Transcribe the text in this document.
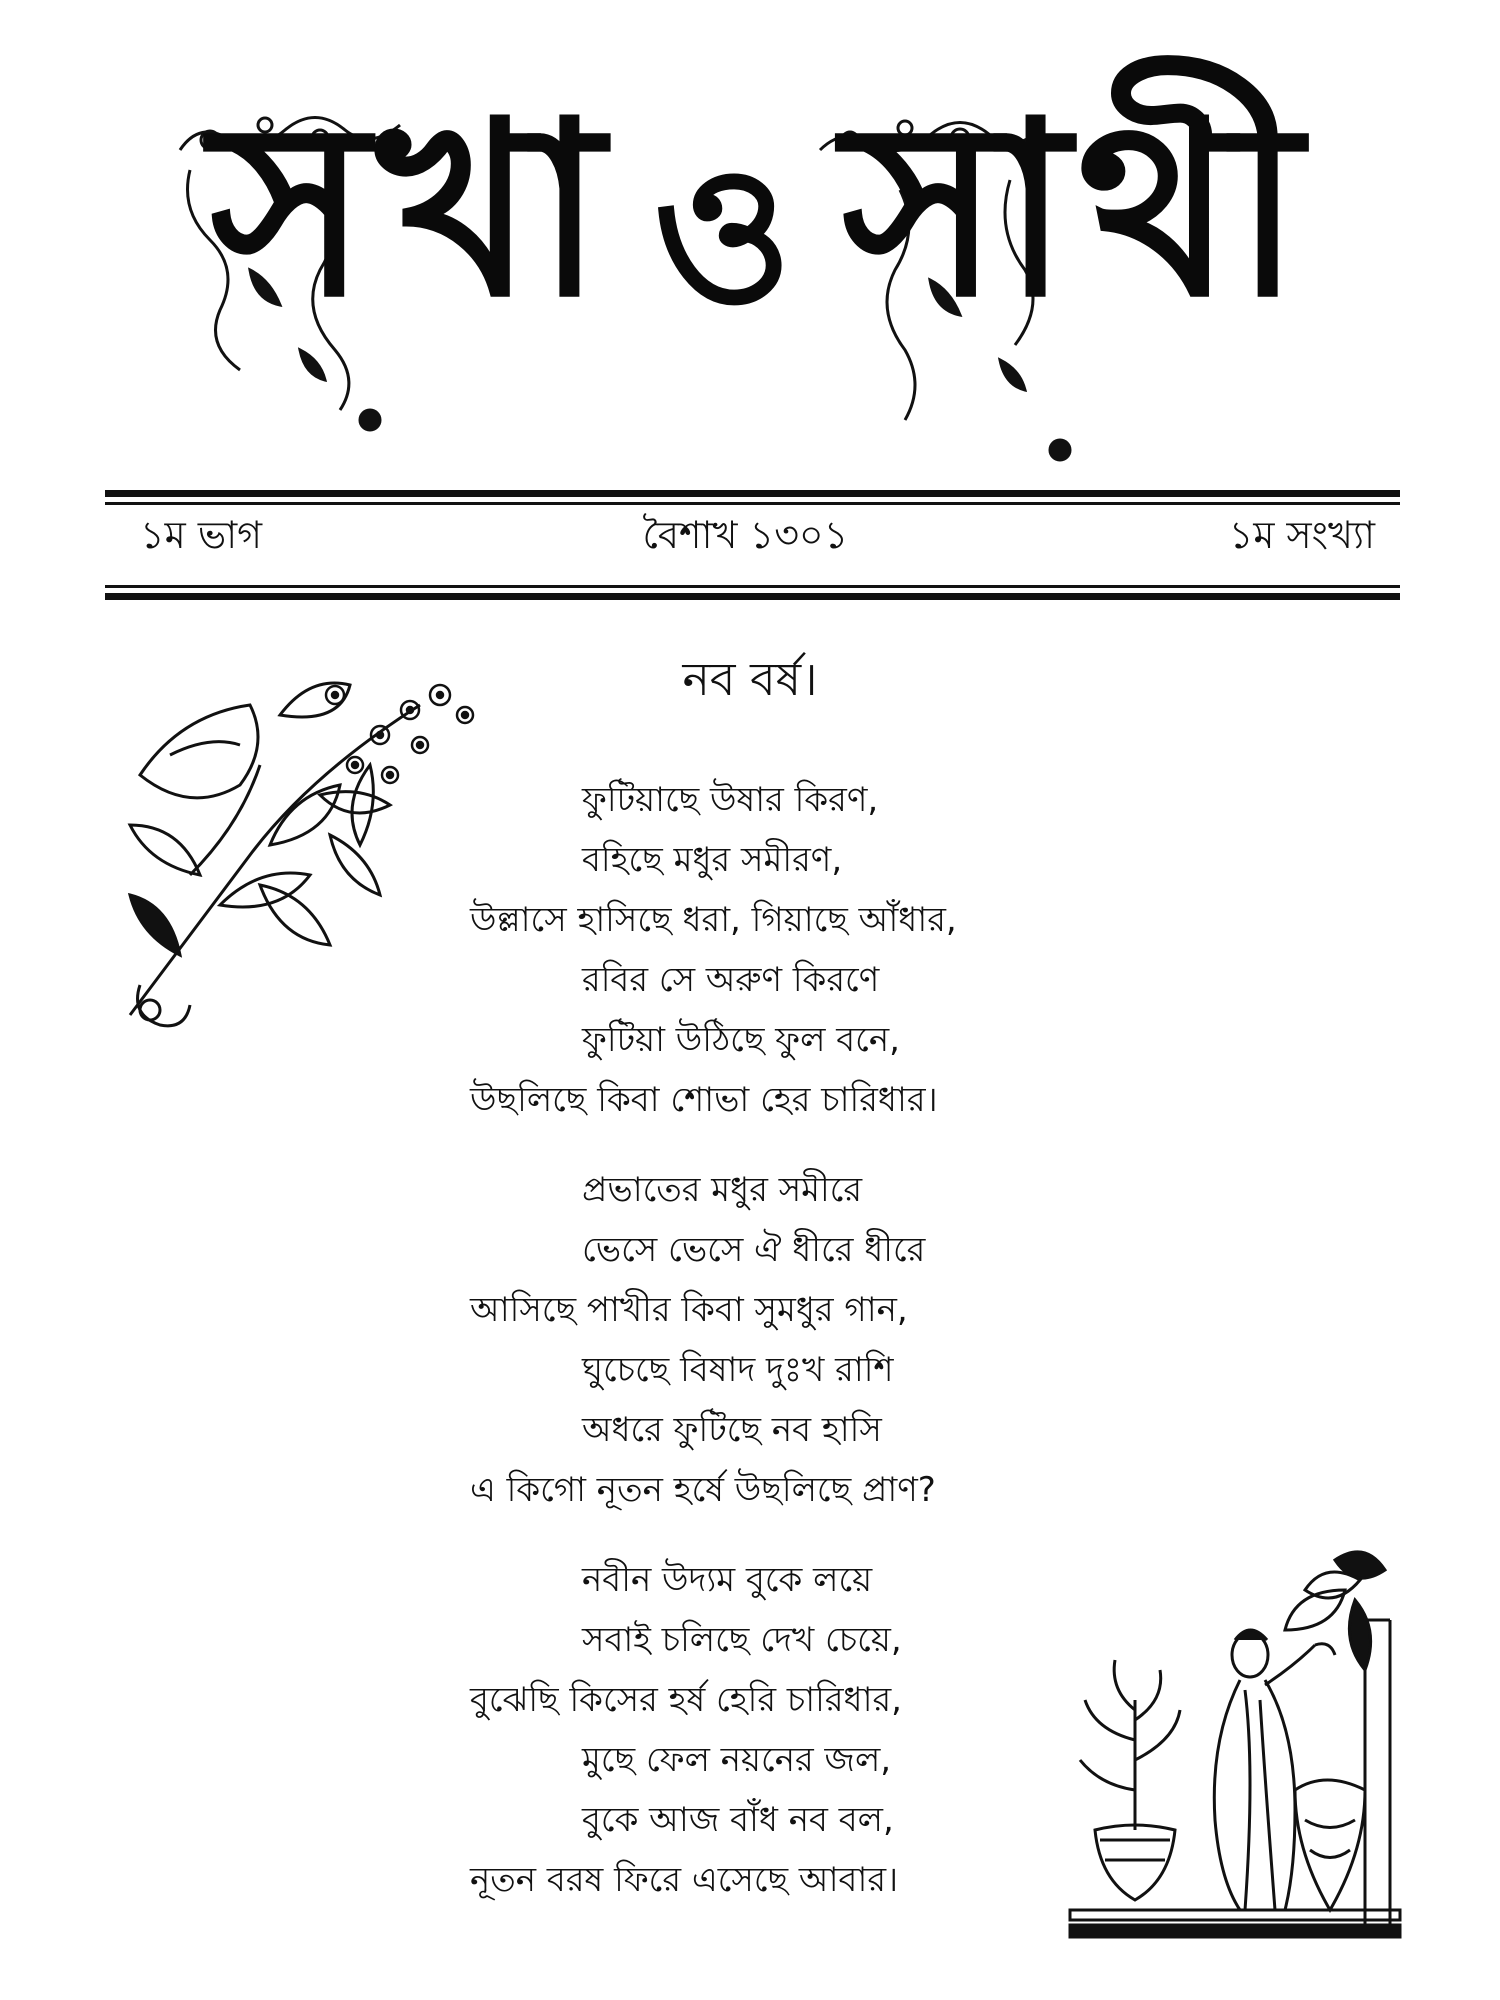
সখা ও সাথী
১ম ভাগ	বৈশাখ ১৩০১	১ম সংখ্যা
নব বর্ষ।
ফুটিয়াছে উষার কিরণ,
বহিছে মধুর সমীরণ,
উল্লাসে হাসিছে ধরা, গিয়াছে আঁধার,
রবির সে অরুণ কিরণে
ফুটিয়া উঠিছে ফুল বনে,
উছলিছে কিবা শোভা হের চারিধার।
প্রভাতের মধুর সমীরে
ভেসে ভেসে ঐ ধীরে ধীরে
আসিছে পাখীর কিবা সুমধুর গান,
ঘুচেছে বিষাদ দুঃখ রাশি
অধরে ফুটিছে নব হাসি
এ কিগো নূতন হর্ষে উছলিছে প্রাণ?
নবীন উদ্যম বুকে লয়ে
সবাই চলিছে দেখ চেয়ে,
বুঝেছি কিসের হর্ষ হেরি চারিধার,
মুছে ফেল নয়নের জল,
বুকে আজ বাঁধ নব বল,
নূতন বরষ ফিরে এসেছে আবার।
